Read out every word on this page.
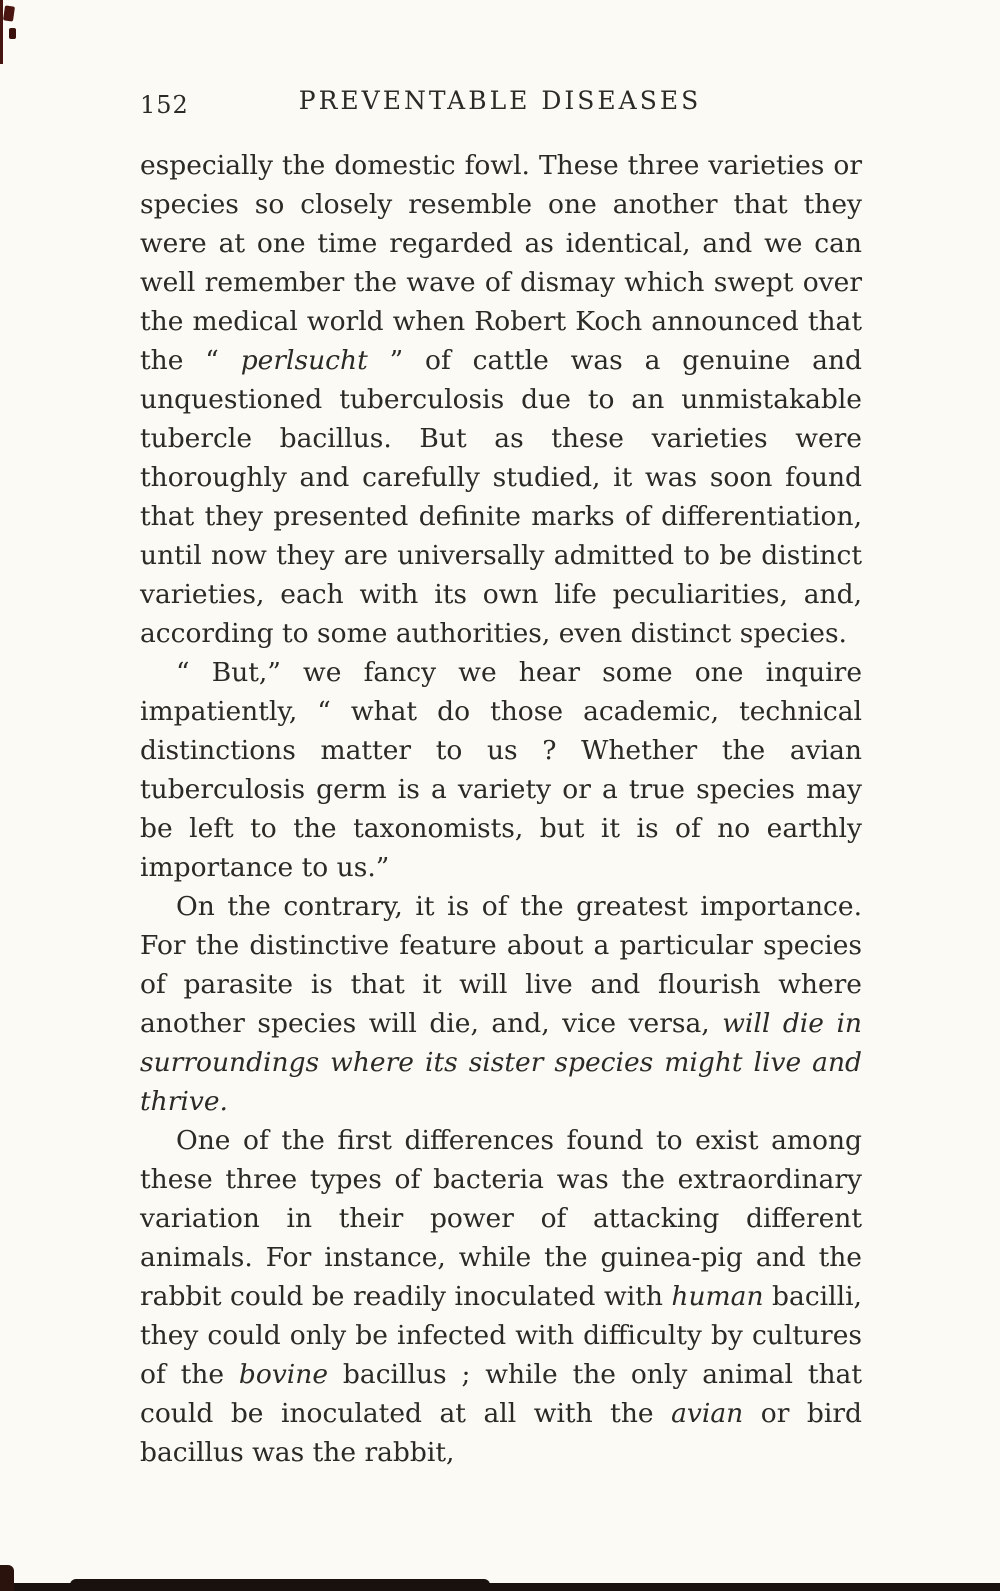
152	PREVENTABLE DISEASES

especially the domestic fowl. These three varieties or species so closely resemble one another that they were at one time regarded as identical, and we can well remember the wave of dismay which swept over the medical world when Robert Koch announced that the “ perlsucht ” of cattle was a genuine and unquestioned tuberculosis due to an unmistakable tubercle bacillus. But as these varieties were thoroughly and carefully studied, it was soon found that they presented definite marks of differentiation, until now they are universally admitted to be distinct varieties, each with its own life peculiarities, and, according to some authorities, even distinct species.

“ But,” we fancy we hear some one inquire impatiently, “ what do those academic, technical distinctions matter to us ? Whether the avian tuberculosis germ is a variety or a true species may be left to the taxonomists, but it is of no earthly importance to us.”

On the contrary, it is of the greatest importance. For the distinctive feature about a particular species of parasite is that it will live and flourish where another species will die, and, vice versa, will die in surroundings where its sister species might live and thrive.

One of the first differences found to exist among these three types of bacteria was the extraordinary variation in their power of attacking different animals. For instance, while the guinea-pig and the rabbit could be readily inoculated with human bacilli, they could only be infected with difficulty by cultures of the bovine bacillus ; while the only animal that could be inoculated at all with the avian or bird bacillus was the rabbit,
